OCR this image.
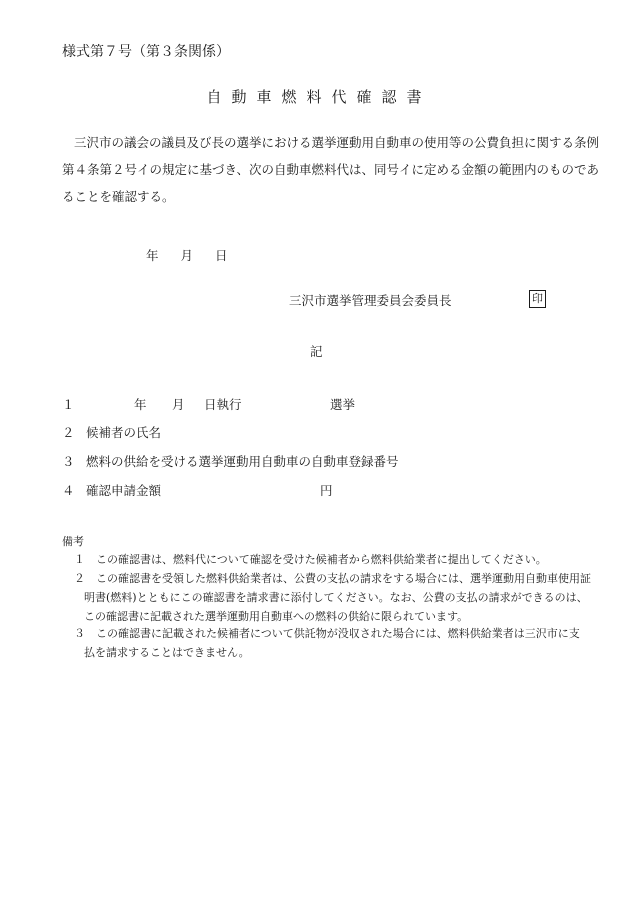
様式第７号（第３条関係）
自動車燃料代確認書
三沢市の議会の議員及び長の選挙における選挙運動用自動車の使用等の公費負担に関する条例
第４条第２号イの規定に基づき、次の自動車燃料代は、同号イに定める金額の範囲内のものであ
ることを確認する。
年 月 日
三沢市選挙管理委員会委員長	印
記
１	年 月 日執行	選挙
２ 候補者の氏名
３ 燃料の供給を受ける選挙運動用自動車の自動車登録番号
４ 確認申請金額	円
備考
１　この確認書は、燃料代について確認を受けた候補者から燃料供給業者に提出してください。
２　この確認書を受領した燃料供給業者は、公費の支払の請求をする場合には、選挙運動用自動車使用証
明書(燃料)とともにこの確認書を請求書に添付してください。なお、公費の支払の請求ができるのは、
この確認書に記載された選挙運動用自動車への燃料の供給に限られています。
３　この確認書に記載された候補者について供託物が没収された場合には、燃料供給業者は三沢市に支
払を請求することはできません。
